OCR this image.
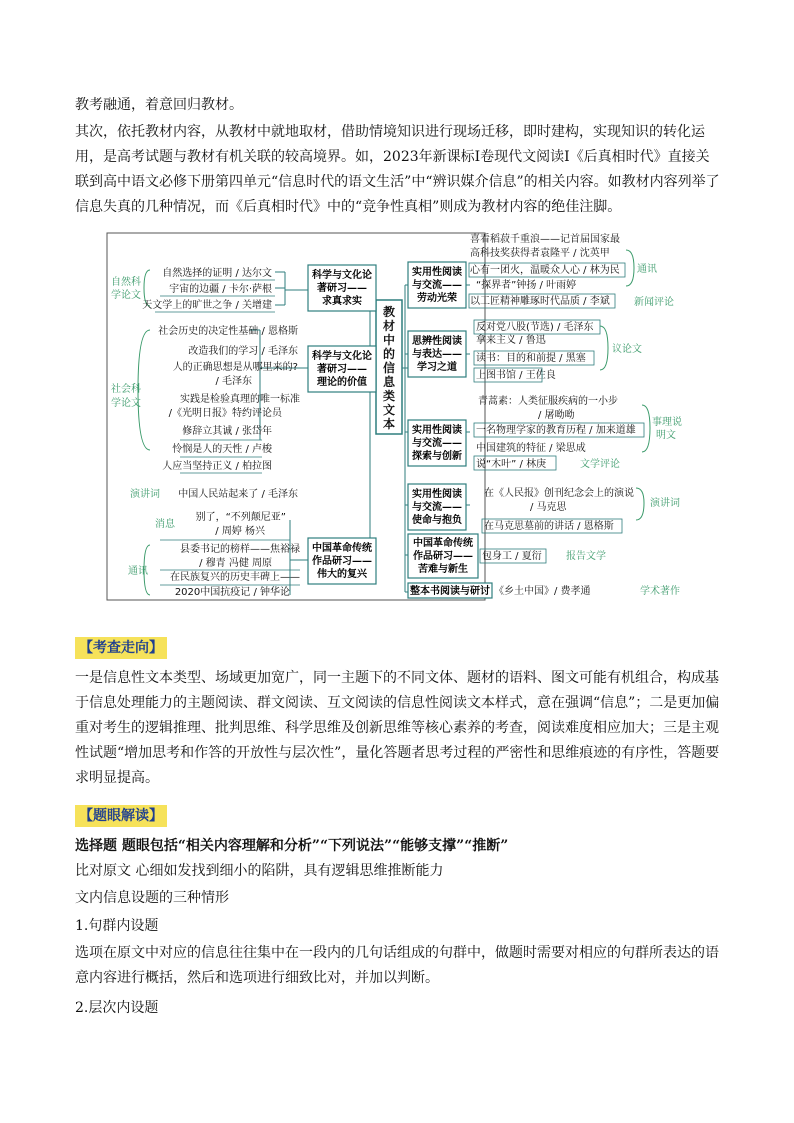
教考融通，着意回归教材。

其次，依托教材内容，从教材中就地取材，借助情境知识进行现场迁移，即时建构，实现知识的转化运用，是高考试题与教材有机关联的较高境界。如，2023年新课标Ⅰ卷现代文阅读Ⅰ《后真相时代》直接关联到高中语文必修下册第四单元“信息时代的语文生活”中“辨识媒介信息”的相关内容。如教材内容列举了信息失真的几种情况，而《后真相时代》中的“竞争性真相”则成为教材内容的绝佳注脚。

教
材
中
的
信
息
类
文
本
科学与文化论
著研习——
求真求实
科学与文化论
著研习——
理论的价值
中国革命传统
作品研习——
伟大的复兴
自然科
学论文
社会科
学论文
演讲词
消息
通讯
自然选择的证明 / 达尔文
宇宙的边疆 / 卡尔·萨根
天文学上的旷世之争 / 关增建
社会历史的决定性基础 / 恩格斯
改造我们的学习 / 毛泽东
人的正确思想是从哪里来的?
/ 毛泽东
实践是检验真理的唯一标准
/《光明日报》特约评论员
修辞立其诚 / 张岱年
怜悯是人的天性 / 卢梭
人应当坚持正义 / 柏拉图
中国人民站起来了 / 毛泽东
别了，“不列颠尼亚”
/ 周婷 杨兴
县委书记的榜样——焦裕禄
/ 穆青 冯健 周原
在民族复兴的历史丰碑上——
2020中国抗疫记 / 钟华论
实用性阅读
与交流——
劳动光荣
思辨性阅读
与表达——
学习之道
实用性阅读
与交流——
探索与创新
实用性阅读
与交流——
使命与抱负
中国革命传统
作品研习——
苦难与新生
整本书阅读与研讨
喜看稻菽千重浪——记首届国家最
高科技奖获得者袁隆平 / 沈英甲
心有一团火，温暖众人心 / 林为民
“探界者”钟扬 / 叶雨婷
以工匠精神雕琢时代品质 / 李斌
反对党八股(节选) / 毛泽东
拿来主义 / 鲁迅
读书：目的和前提 / 黑塞
上图书馆 / 王佐良
青蒿素：人类征服疾病的一小步
/ 屠呦呦
一名物理学家的教育历程 / 加来道雄
中国建筑的特征 / 梁思成
说“木叶” / 林庚
在《人民报》创刊纪念会上的演说
/ 马克思
在马克思墓前的讲话 / 恩格斯
包身工 / 夏衍
《乡土中国》/ 费孝通
通讯
新闻评论
议论文
事理说
明文
文学评论
演讲词
报告文学
学术著作
【考查走向】

一是信息性文本类型、场域更加宽广，同一主题下的不同文体、题材的语料、图文可能有机组合，构成基于信息处理能力的主题阅读、群文阅读、互文阅读的信息性阅读文本样式，意在强调“信息”；二是更加偏重对考生的逻辑推理、批判思维、科学思维及创新思维等核心素养的考查，阅读难度相应加大；三是主观性试题“增加思考和作答的开放性与层次性”，量化答题者思考过程的严密性和思维痕迹的有序性，答题要求明显提高。

【题眼解读】

选择题 题眼包括“相关内容理解和分析”“下列说法”“能够支撑”“推断”

比对原文 心细如发找到细小的陷阱，具有逻辑思维推断能力

文内信息设题的三种情形

1.句群内设题

选项在原文中对应的信息往往集中在一段内的几句话组成的句群中，做题时需要对相应的句群所表达的语意内容进行概括，然后和选项进行细致比对，并加以判断。

2.层次内设题
